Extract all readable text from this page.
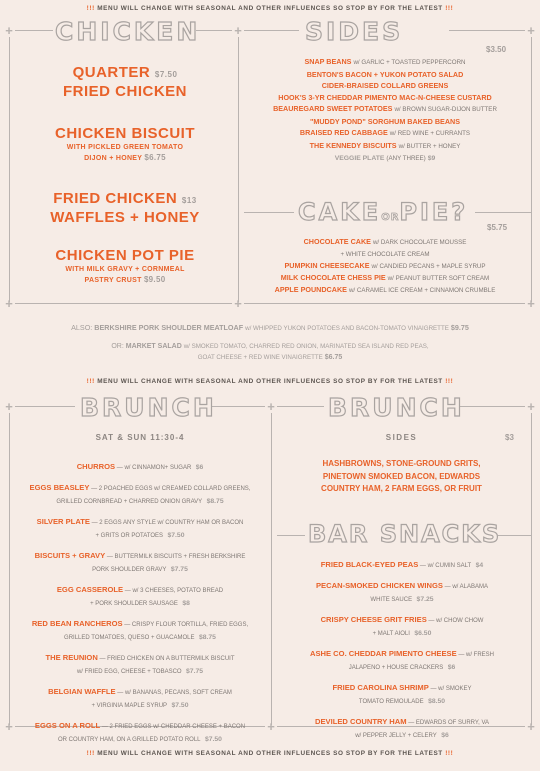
!!! MENU WILL CHANGE WITH SEASONAL AND OTHER INFLUENCES SO STOP BY FOR THE LATEST !!!
+	+	+
+	+	+
CHICKEN
QUARTER $7.50
FRIED CHICKEN
CHICKEN BISCUIT
WITH PICKLED GREEN TOMATO
DIJON + HONEY $6.75
FRIED CHICKEN $13
WAFFLES + HONEY
CHICKEN POT PIE
WITH MILK GRAVY + CORNMEAL
PASTRY CRUST $9.50
SIDES
$3.50
SNAP BEANS w/ GARLIC + TOASTED PEPPERCORN
BENTON'S BACON + YUKON POTATO SALAD
CIDER-BRAISED COLLARD GREENS
HOOK'S 3-YR CHEDDAR PIMENTO MAC-N-CHEESE CUSTARD
BEAUREGARD SWEET POTATOES w/ BROWN SUGAR-DIJON BUTTER
"MUDDY POND" SORGHUM BAKED BEANS
BRAISED RED CABBAGE w/ RED WINE + CURRANTS
THE KENNEDY BISCUITS w/ BUTTER + HONEY
VEGGIE PLATE (ANY THREE) $9
CAKEORPIE?
$5.75
CHOCOLATE CAKE w/ DARK CHOCOLATE MOUSSE
+ WHITE CHOCOLATE CREAM
PUMPKIN CHEESECAKE w/ CANDIED PECANS + MAPLE SYRUP
MILK CHOCOLATE CHESS PIE w/ PEANUT BUTTER SOFT CREAM
APPLE POUNDCAKE w/ CARAMEL ICE CREAM + CINNAMON CRUMBLE
ALSO: BERKSHIRE PORK SHOULDER MEATLOAF w/ WHIPPED YUKON POTATOES AND BACON-TOMATO VINAIGRETTE $9.75
OR: MARKET SALAD w/ SMOKED TOMATO, CHARRED RED ONION, MARINATED SEA ISLAND RED PEAS,
GOAT CHEESE + RED WINE VINAIGRETTE $6.75
!!! MENU WILL CHANGE WITH SEASONAL AND OTHER INFLUENCES SO STOP BY FOR THE LATEST !!!
+	+	+
+	+	+
BRUNCH
SAT & SUN 11:30-4
CHURROS — w/ CINNAMON+ SUGAR $6
EGGS BEASLEY — 2 POACHED EGGS w/ CREAMED COLLARD GREENS,
GRILLED CORNBREAD + CHARRED ONION GRAVY $8.75
SILVER PLATE — 2 EGGS ANY STYLE w/ COUNTRY HAM OR BACON
+ GRITS OR POTATOES $7.50
BISCUITS + GRAVY — BUTTERMILK BISCUITS + FRESH BERKSHIRE
PORK SHOULDER GRAVY $7.75
EGG CASSEROLE — w/ 3 CHEESES, POTATO BREAD
+ PORK SHOULDER SAUSAGE $8
RED BEAN RANCHEROS — CRISPY FLOUR TORTILLA, FRIED EGGS,
GRILLED TOMATOES, QUESO + GUACAMOLE $8.75
THE REUNION — FRIED CHICKEN ON A BUTTERMILK BISCUIT
w/ FRIED EGG, CHEESE + TOBASCO $7.75
BELGIAN WAFFLE — w/ BANANAS, PECANS, SOFT CREAM
+ VIRGINIA MAPLE SYRUP $7.50
EGGS ON A ROLL — 2 FRIED EGGS w/ CHEDDAR CHEESE + BACON
OR COUNTRY HAM, ON A GRILLED POTATO ROLL $7.50
BRUNCH
SIDES	$3
HASHBROWNS, STONE-GROUND GRITS,
PINETOWN SMOKED BACON, EDWARDS
COUNTRY HAM, 2 FARM EGGS, OR FRUIT
BAR SNACKS
FRIED BLACK-EYED PEAS — w/ CUMIN SALT $4
PECAN-SMOKED CHICKEN WINGS — w/ ALABAMA
WHITE SAUCE $7.25
CRISPY CHEESE GRIT FRIES — w/ CHOW CHOW
+ MALT AIOLI $6.50
ASHE CO. CHEDDAR PIMENTO CHEESE — w/ FRESH
JALAPENO + HOUSE CRACKERS $6
FRIED CAROLINA SHRIMP — w/ SMOKEY
TOMATO REMOULADE $8.50
DEVILED COUNTRY HAM — EDWARDS OF SURRY, VA
w/ PEPPER JELLY + CELERY $6
!!! MENU WILL CHANGE WITH SEASONAL AND OTHER INFLUENCES SO STOP BY FOR THE LATEST !!!
